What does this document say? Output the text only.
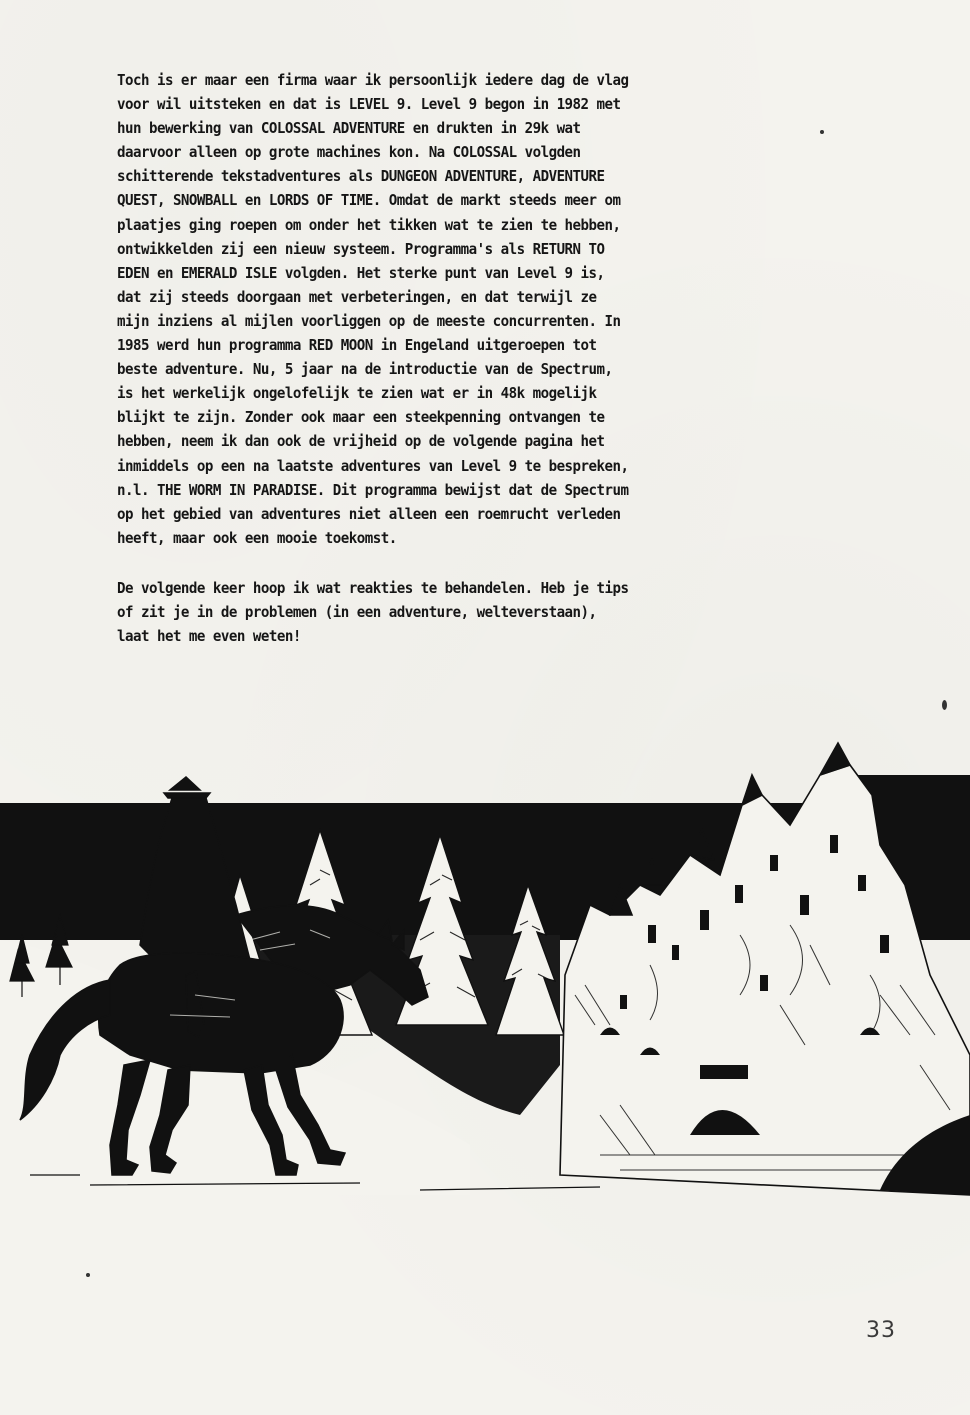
Toch is er maar een firma waar ik persoonlijk iedere dag de vlag
voor wil uitsteken en dat is LEVEL 9. Level 9 begon in 1982 met
hun bewerking van COLOSSAL ADVENTURE en drukten in 29k wat
daarvoor alleen op grote machines kon. Na COLOSSAL volgden
schitterende tekstadventures als DUNGEON ADVENTURE, ADVENTURE
QUEST, SNOWBALL en LORDS OF TIME. Omdat de markt steeds meer om
plaatjes ging roepen om onder het tikken wat te zien te hebben,
ontwikkelden zij een nieuw systeem. Programma's als RETURN TO
EDEN en EMERALD ISLE volgden. Het sterke punt van Level 9 is,
dat zij steeds doorgaan met verbeteringen, en dat terwijl ze
mijn inziens al mijlen voorliggen op de meeste concurrenten. In
1985 werd hun programma RED MOON in Engeland uitgeroepen tot
beste adventure. Nu, 5 jaar na de introductie van de Spectrum,
is het werkelijk ongelofelijk te zien wat er in 48k mogelijk
blijkt te zijn. Zonder ook maar een steekpenning ontvangen te
hebben, neem ik dan ook de vrijheid op de volgende pagina het
inmiddels op een na laatste adventures van Level 9 te bespreken,
n.l. THE WORM IN PARADISE. Dit programma bewijst dat de Spectrum
op het gebied van adventures niet alleen een roemrucht verleden
heeft, maar ook een mooie toekomst.
De volgende keer hoop ik wat reakties te behandelen. Heb je tips
of zit je in de problemen (in een adventure, welteverstaan),
laat het me even weten!
33
